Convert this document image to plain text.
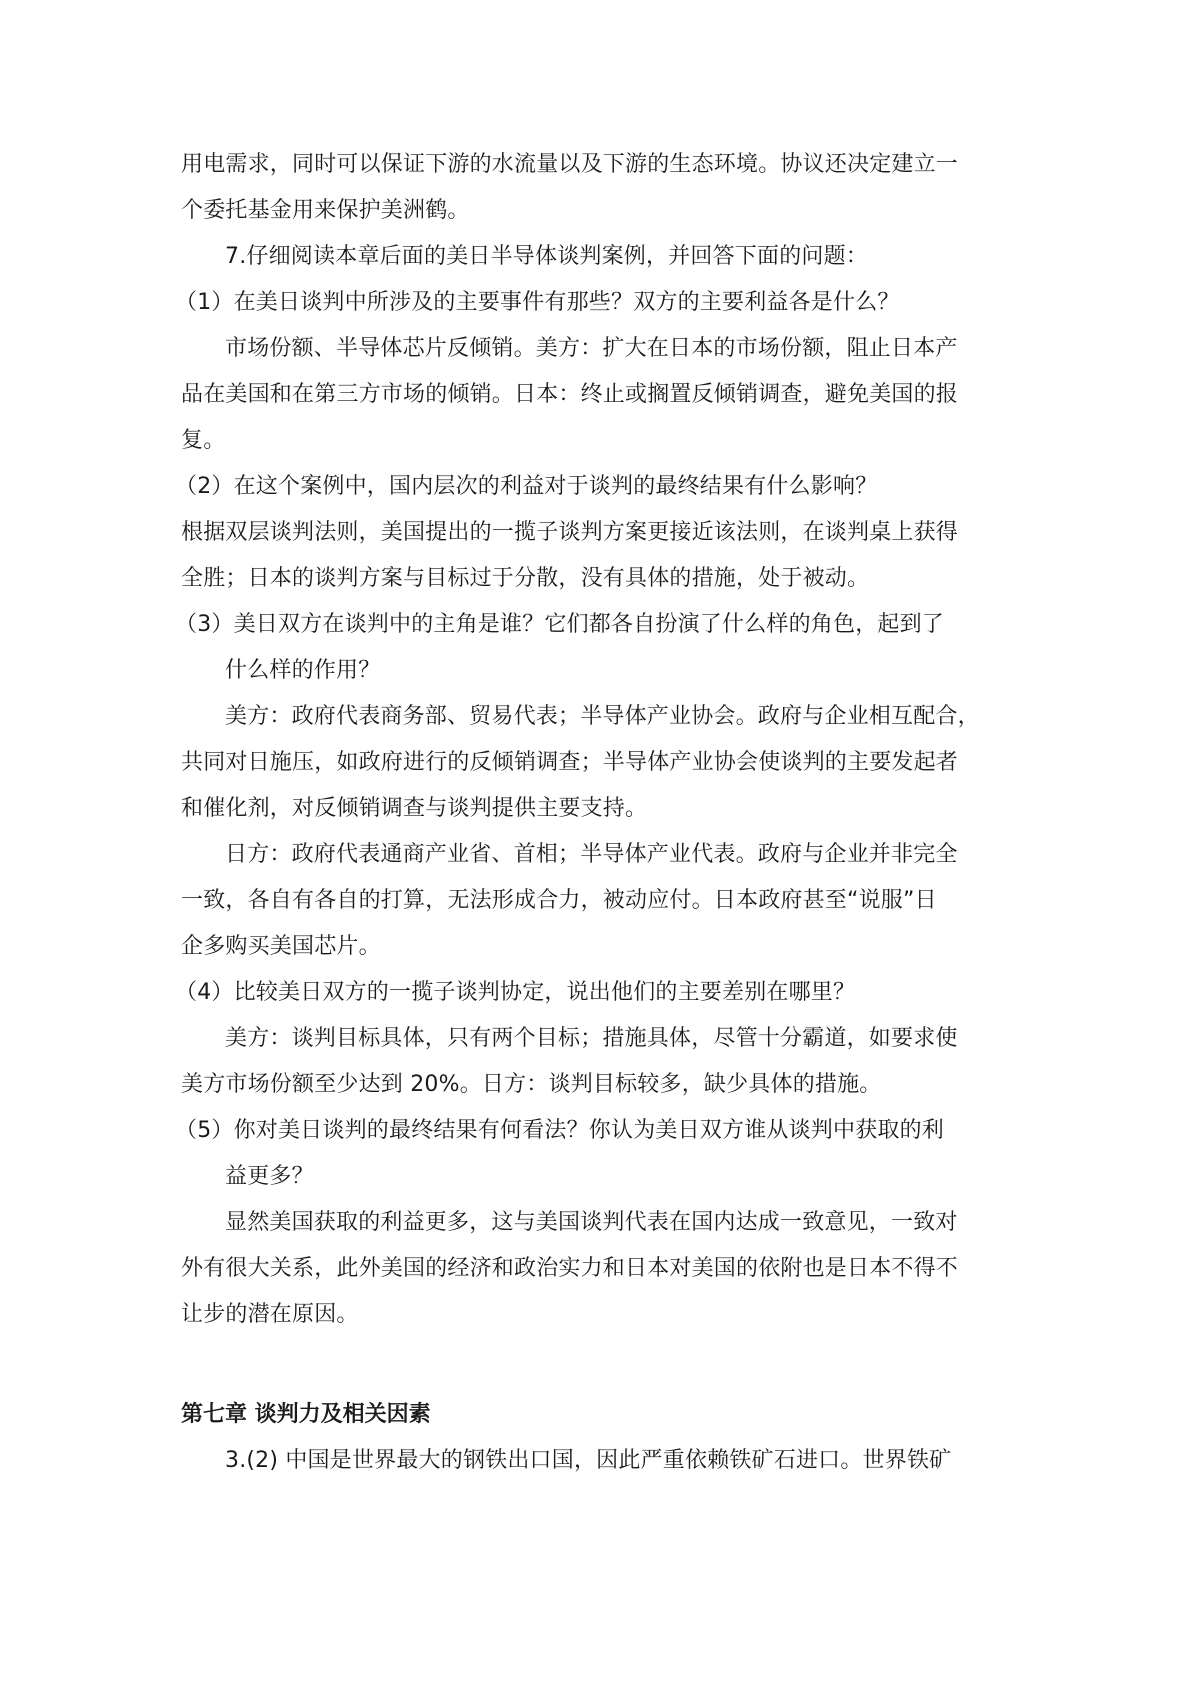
用电需求，同时可以保证下游的水流量以及下游的生态环境。协议还决定建立一
个委托基金用来保护美洲鹤。
7.仔细阅读本章后面的美日半导体谈判案例，并回答下面的问题：
（1）在美日谈判中所涉及的主要事件有那些？双方的主要利益各是什么？
市场份额、半导体芯片反倾销。美方：扩大在日本的市场份额，阻止日本产
品在美国和在第三方市场的倾销。日本：终止或搁置反倾销调查，避免美国的报
复。
（2）在这个案例中，国内层次的利益对于谈判的最终结果有什么影响？
根据双层谈判法则，美国提出的一揽子谈判方案更接近该法则，在谈判桌上获得
全胜；日本的谈判方案与目标过于分散，没有具体的措施，处于被动。
（3）美日双方在谈判中的主角是谁？它们都各自扮演了什么样的角色，起到了
什么样的作用？
美方：政府代表商务部、贸易代表；半导体产业协会。政府与企业相互配合，
共同对日施压，如政府进行的反倾销调查；半导体产业协会使谈判的主要发起者
和催化剂，对反倾销调查与谈判提供主要支持。
日方：政府代表通商产业省、首相；半导体产业代表。政府与企业并非完全
一致，各自有各自的打算，无法形成合力，被动应付。日本政府甚至“说服”日
企多购买美国芯片。
（4）比较美日双方的一揽子谈判协定，说出他们的主要差别在哪里？
美方：谈判目标具体，只有两个目标；措施具体，尽管十分霸道，如要求使
美方市场份额至少达到 20%。日方：谈判目标较多，缺少具体的措施。
（5）你对美日谈判的最终结果有何看法？你认为美日双方谁从谈判中获取的利
益更多？
显然美国获取的利益更多，这与美国谈判代表在国内达成一致意见，一致对
外有很大关系，此外美国的经济和政治实力和日本对美国的依附也是日本不得不
让步的潜在原因。
第七章 谈判力及相关因素
3.(2) 中国是世界最大的钢铁出口国，因此严重依赖铁矿石进口。世界铁矿
